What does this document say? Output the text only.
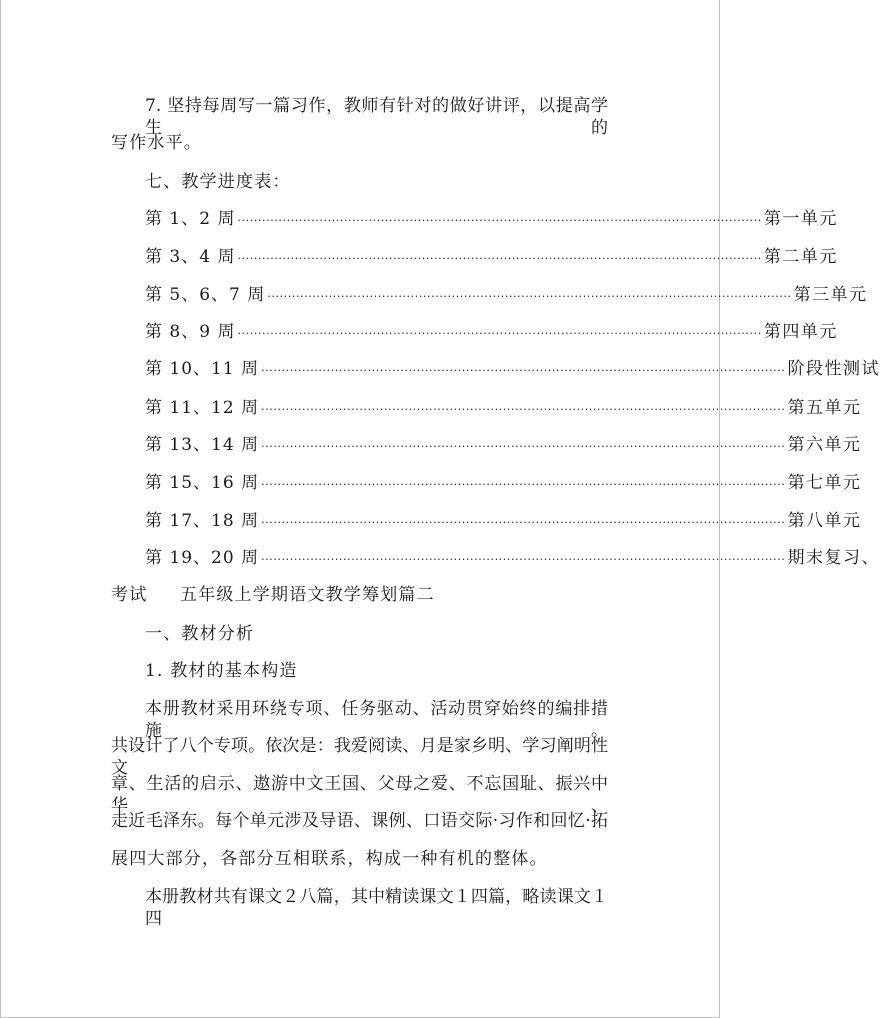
7. 坚持每周写一篇习作，教师有针对的做好讲评，以提高学生的
写作水平。
七、教学进度表：
第 1、2 周 ································································································································ 第一单元
第 3、4 周 ································································································································ 第二单元
第 5、6、7 周 ································································································································ 第三单元
第 8、9 周 ································································································································ 第四单元
第 10、11 周 ································································································································ 阶段性测试
第 11、12 周 ································································································································ 第五单元
第 13、14 周 ································································································································ 第六单元
第 15、16 周 ································································································································ 第七单元
第 17、18 周 ································································································································ 第八单元
第 19、20 周 ································································································································ 期末复习、
考试 五年级上学期语文教学筹划篇二
一、教材分析
1. 教材的基本构造
本册教材采用环绕专项、任务驱动、活动贯穿始终的编排措施。
共设计了八个专项。依次是：我爱阅读、月是家乡明、学习阐明性文
章、生活的启示、遨游中文王国、父母之爱、不忘国耻、振兴中华、
走近毛泽东。每个单元涉及导语、课例、口语交际·习作和回忆·拓
展四大部分，各部分互相联系，构成一种有机的整体。
本册教材共有课文２八篇，其中精读课文１四篇，略读课文１四
